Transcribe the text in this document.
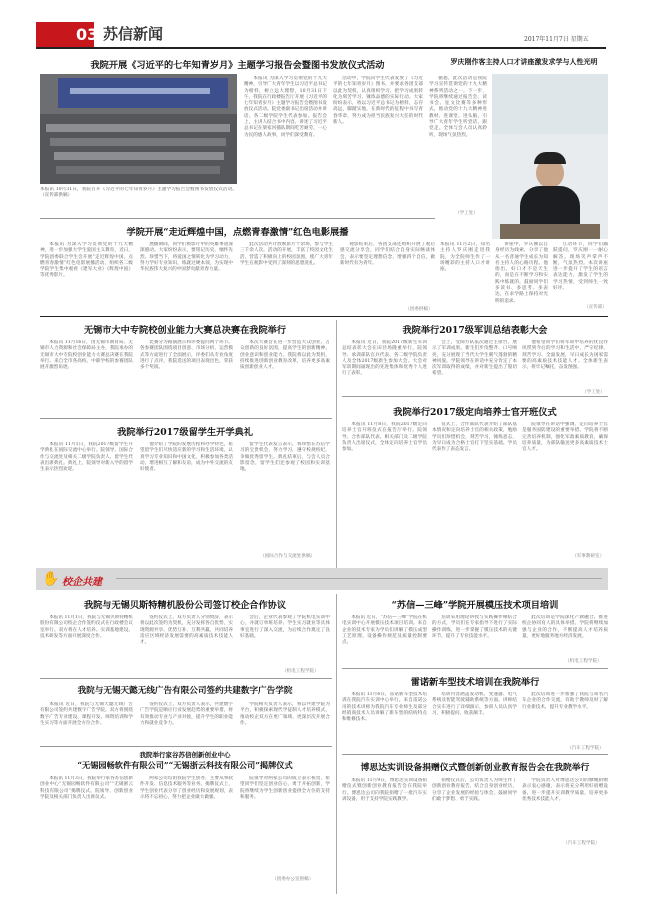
03 苏信新闻	2017年11月7日 星期五
我院开展《习近平的七年知青岁月》主题学习报告会暨图书发放仪式活动
本报讯 10月31日，我院召开《习近平的七年知青岁月》主题学习报告会暨图书发放仪式活动。（宣传部供稿）

本报讯 为深入学习贯彻党的十九大精神，引导广大青年学生以习近平总书记为榜样，树立远大理想，10月31日下午，我院在行政楼报告厅开展《习近平的七年知青岁月》主题学习报告会暨图书发放仪式活动。院党委副书记出席活动并讲话，各二级学院学生代表参加。报告会上，主讲人结合书中内容，讲述了习近平总书记在梁家河插队期间吃苦耐劳、一心为民的感人故事，同学们深受教育。

活动中，学院向学生代表发放了《习近平的七年知青岁月》图书，并要求各团支部以此为契机，认真组织学习，把学习成果转化为刻苦学习、锤炼品德的实际行动。大家纷纷表示，将以习近平总书记为榜样，志存高远，脚踏实地，在新时代的征程中书写青春华章，努力成为担当民族复兴大任的时代新人。

据悉，此次活动是我院学习宣传贯彻党的十九大精神系列活动之一。下一步，学院将继续通过报告会、读书会、征文比赛等多种形式，推动党的十九大精神进教材、进课堂、进头脑，引导广大青年学生听党话、跟党走。全体与会人员认真聆听，现场气氛热烈。

（学工处）
罗庆刚作客主持人口才讲座激发求学与人性光明
本报讯 11月2日，知名主持人罗庆刚走进我院，为全院师生作了一场精彩的主持人口才讲座。

讲座中，罗庆刚以自身经历为线索，分享了他从一名普通学生成长为知名主持人的心路历程。他指出，好口才不是天生的，而是在不断学习和实践中练就的，鼓励同学们多读书、多思考、多表达，在求学路上保持对光明的追求。

互动环节，同学们踊跃提问，罗庆刚一一耐心解答。现场笑声掌声不断，气氛热烈。本次讲座进一步提升了学生的语言表达能力，激发了学生的学习热情，受到师生一致好评。

（宣传部）
学院开展“走近辉煌中国，点燃青春激情”红色电影展播

本报讯 为深入学习贯彻党的十九大精神，进一步加强大学生爱国主义教育，近日，学院团委联合学生会开展“走近辉煌中国，点燃青春激情”红色电影展播活动，组织各二级学院学生集中观看《建军大业》《辉煌中国》等优秀影片。

展播期间，同学们被影片中的英雄事迹深深感动。大家纷纷表示，要铭记历史、缅怀先烈、珍惜当下，将爱国之情转化为学习动力，努力学好专业知识，练就过硬本领，为实现中华民族伟大复兴的中国梦贡献青春力量。

此次活动共计放映影片十余场，参与学生三千余人次。活动的开展，丰富了校园文化生活，营造了积极向上的校园氛围，使广大青年学生在观影中受到了深刻的思想洗礼。

观影结束后，各团支部还组织开展了观后感交流分享会，同学们结合自身实际畅谈体会，表示要坚定理想信念，增强四个自信，做新时代有为青年。

（团委供稿）
无锡市大中专院校创业能力大赛总决赛在我院举行

本报讯 11月16日，由无锡市教育局、无锡市人力资源和社会保障局主办，我院承办的无锡市大中专院校创业能力大赛总决赛在我院举行。来自全市各高校、中职学校的参赛团队展开激烈角逐。

比赛分为路演展示和评委提问两个环节。各参赛团队围绕项目创意、市场分析、运营模式等方面进行了全面展示，评委们从专业角度进行了点评。我院选送的项目表现出色，荣获多个奖项。

本次大赛旨在进一步营造大众创业、万众创新的良好氛围，提高学生的创新精神、创业意识和创业能力。我院将以此为契机，持续推进创新创业教育改革，培养更多高素质创新创业人才。

我院举行2017级军训总结表彰大会

本报讯 近日，我院2017级新生军训总结表彰大会在田径场隆重举行。院领导、承训部队官兵代表、各二级学院负责人及全体2017级新生参加大会。大会对军训期间涌现出的先进集体和优秀个人进行了表彰。

会上，受阅方队依次通过主席台，展示了军训成果。新生们步伐整齐、口号响亮，充分展现了当代大学生朝气蓬勃的精神风貌。学院领导在讲话中充分肯定了本次军训取得的成绩，并对新生提出了殷切希望。

他希望同学们将军训中培养的优良作风带到今后的学习和生活中，严守纪律、刻苦学习、全面发展，早日成长为国家需要的高素质技术技能人才。全体新生表示，将牢记嘱托，奋发图强。

（学工处）
我院举行2017级留学生开学典礼

本报讯 11月1日，我院2017级留学生开学典礼在国际交流中心举行。院领导、国际合作与交流处及相关二级学院负责人、留学生代表出席典礼。典礼上，院领导对新入学的留学生表示热烈欢迎。

他介绍了学院的发展历程和办学特色，希望留学生们尽快适应新的学习和生活环境，认真学习专业知识和中国文化，积极参加各类活动，增进相互了解和友谊，成为中外交流的友好使者。

留学生代表发言表示，将珍惜在苏信学习的宝贵机会，努力学习，遵守校规校纪，争做优秀留学生。典礼结束后，与会人员合影留念，留学生们还参观了校园和实训基地。

（国际合作与交流处供稿）
我院举行2017级定向培养士官开班仪式

本报讯 11月8日，我院2017级定向培养士官开班仪式在报告厅举行。院领导、合作部队代表、相关部门及二级学院负责人出席仪式，全体定向培养士官学员参加。

仪式上，合作部队代表介绍了部队基本情况和定向培养士官的相关政策，勉励学员们珍惜机会，刻苦学习，锤炼意志，为早日成为合格士官打下坚实基础。学员代表作了表态发言。

院领导在讲话中强调，定向培养士官是服务国防建设的重要举措，学院将不断完善培养机制，强化军政素质教育，确保培养质量，为部队输送更多高素质技术士官人才。

（军事教研室）
✋ 校企共建
我院与无锡贝斯特精机股份公司签订校企合作协议

本报讯 11月1日，我院与无锡贝斯特精机股份有限公司校企合作签约仪式在行政楼会议室举行。双方将在人才培养、实训基地建设、技术研发等方面开展深度合作。

签约仪式上，双方负责人分别致辞，表示将以此次签约为契机，充分发挥各自优势，实现资源共享、优势互补、互利共赢，共同培养适应区域经济发展需要的高素质技术技能人才。

会后，企业代表参观了学院机电实训中心，并就订单班培养、学生实习就业等具体事宜进行了深入交流，为后续合作奠定了良好基础。

（机电工程学院）
“苏信—三峰”学院开展模压技术项目培训

本报讯 近日，“苏信—三峰”学院在机电实训中心开展模压技术项目培训。来自企业的技术专家为学员们讲解了模压成型工艺原理、设备操作规范及质量控制要点。

培训采用理论讲授与实践操作相结合的方式，学员们在专家指导下进行了实际操作训练，进一步掌握了模压技术的关键环节，提升了专业技能水平。

此次培训是学院深化产教融合、推进校企协同育人的具体举措。学院将继续加强与企业的合作，不断提高人才培养质量，更好地服务地方经济发展。

（机电工程学院）
我院与无锡天懿无线广告有限公司签约共建数字广告学院

本报讯 近日，我院与无锡天懿无线广告有限公司签约共建数字广告学院。双方将围绕数字广告专业建设、课程开发、师资培训和学生实习等方面开展全方位合作。

签约仪式上，双方负责人表示，共建数字广告学院是顺应行业发展趋势的重要举措，将有效推动专业与产业对接，提升学生的职业能力和就业竞争力。

学院相关负责人表示，将以共建学院为平台，积极探索现代学徒制人才培养模式，推动校企双方在更广领域、更深层次开展合作。

雷诺新车型技术培训在我院举行

本报讯 11月6日，雷诺新车型技术培训在我院汽车实训中心举行。来自雷诺公司的技术讲师为我院汽车专业师生及部分经销商技术人员讲解了新车型的结构特点和维修技术。

培训内容涵盖发动机、变速器、电气系统及智能驾驶辅助系统等方面。讲师结合实车进行了详细演示，参训人员认真学习，积极提问，收获颇丰。

此次培训进一步加强了我院与知名汽车企业的合作交流，有助于教师及时了解行业新技术，提升专业教学水平。

（汽车工程学院）
我院举行家谷苏信创新创业中心
“无锡园畅软件有限公司”“无锡浙云科技有限公司”揭牌仪式

本报讯 11月3日，我院举行家谷苏信创新创业中心“无锡园畅软件有限公司”“无锡浙云科技有限公司”揭牌仪式。院领导、创新创业学院及相关部门负责人出席仪式。

两家公司均由我院学生创办，主要从事软件开发、信息技术服务等业务。揭牌仪式上，学生创业代表分享了创业经历和发展规划，表示将不忘初心，努力把企业做大做强。

院领导对两家公司的成立表示祝贺，希望同学们坚定创业信心，勇于开拓创新，学院将继续为学生创新创业提供全方位的支持和服务。

（团委办公室供稿）
博思达实训设备捐赠仪式暨创新创业教育报告会在我院举行

本报讯 11月9日，博思达实训设备捐赠仪式暨创新创业教育报告会在我院举行。博思达公司向我院捐赠了一批汽车实训设备，用于支持学院实践教学。

捐赠仪式后，公司负责人为师生作了创新创业教育报告，结合自身创业经历，分享了企业发展的经验与体会，鼓励同学们敢于梦想、勇于实践。

学院负责人对博思达公司的慷慨捐赠表示衷心感谢，表示将充分利用好捐赠设备，进一步提升实训教学质量，培养更多优秀技术技能人才。

（汽车工程学院）
